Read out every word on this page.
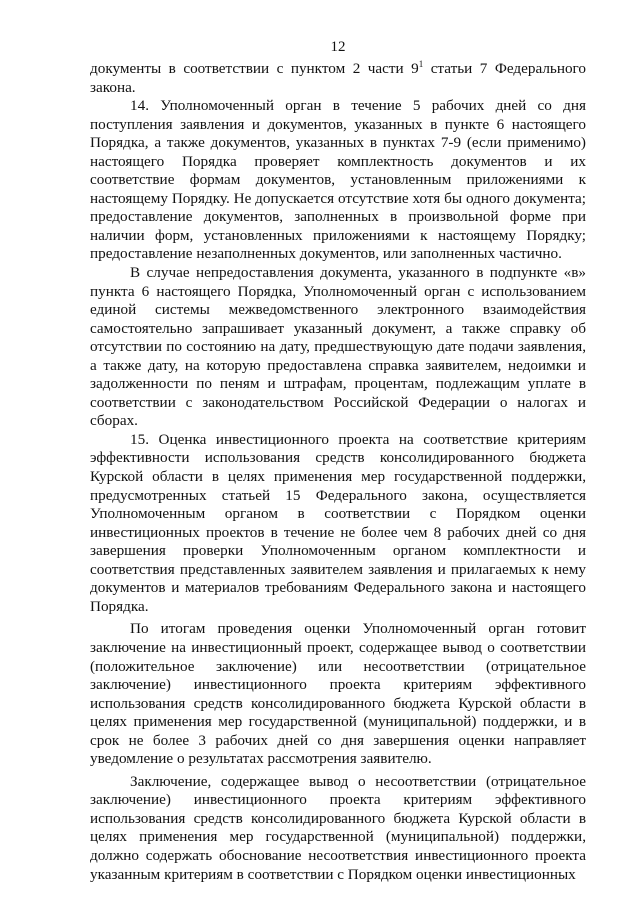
12

документы в соответствии с пунктом 2 части $9^1$ статьи 7 Федерального закона.

14. Уполномоченный орган в течение 5 рабочих дней со дня поступления заявления и документов, указанных в пункте 6 настоящего Порядка, а также документов, указанных в пунктах 7-9 (если применимо) настоящего Порядка проверяет комплектность документов и их соответствие формам документов, установленным приложениями к настоящему Порядку. Не допускается отсутствие хотя бы одного документа; предоставление документов, заполненных в произвольной форме при наличии форм, установленных приложениями к настоящему Порядку; предоставление незаполненных документов, или заполненных частично.

В случае непредоставления документа, указанного в подпункте «в» пункта 6 настоящего Порядка, Уполномоченный орган с использованием единой системы межведомственного электронного взаимодействия самостоятельно запрашивает указанный документ, а также справку об отсутствии по состоянию на дату, предшествующую дате подачи заявления, а также дату, на которую предоставлена справка заявителем, недоимки и задолженности по пеням и штрафам, процентам, подлежащим уплате в соответствии с законодательством Российской Федерации о налогах и сборах.

15. Оценка инвестиционного проекта на соответствие критериям эффективности использования средств консолидированного бюджета Курской области в целях применения мер государственной поддержки, предусмотренных статьей 15 Федерального закона, осуществляется Уполномоченным органом в соответствии с Порядком оценки инвестиционных проектов в течение не более чем 8 рабочих дней со дня завершения проверки Уполномоченным органом комплектности и соответствия представленных заявителем заявления и прилагаемых к нему документов и материалов требованиям Федерального закона и настоящего Порядка.

По итогам проведения оценки Уполномоченный орган готовит заключение на инвестиционный проект, содержащее вывод о соответствии (положительное заключение) или несоответствии (отрицательное заключение) инвестиционного проекта критериям эффективного использования средств консолидированного бюджета Курской области в целях применения мер государственной (муниципальной) поддержки, и в срок не более 3 рабочих дней со дня завершения оценки направляет уведомление о результатах рассмотрения заявителю.

Заключение, содержащее вывод о несоответствии (отрицательное заключение) инвестиционного проекта критериям эффективного использования средств консолидированного бюджета Курской области в целях применения мер государственной (муниципальной) поддержки, должно содержать обоснование несоответствия инвестиционного проекта указанным критериям в соответствии с Порядком оценки инвестиционных
